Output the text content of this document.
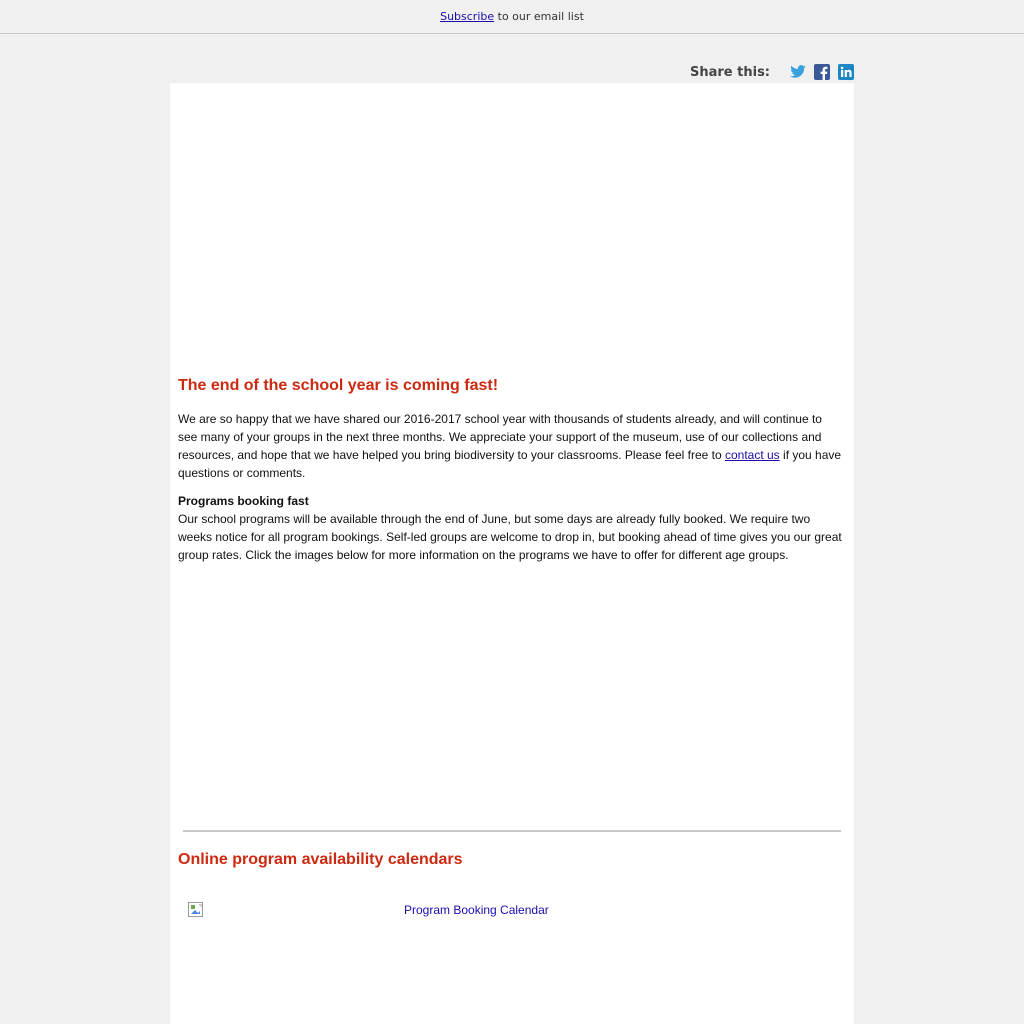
Subscribe to our email list
Share this:
The end of the school year is coming fast!

We are so happy that we have shared our 2016-2017 school year with thousands of students already, and will continue to see many of your groups in the next three months. We appreciate your support of the museum, use of our collections and resources, and hope that we have helped you bring biodiversity to your classrooms. Please feel free to contact us if you have questions or comments.

Programs booking fast
Our school programs will be available through the end of June, but some days are already fully booked. We require two weeks notice for all program bookings. Self-led groups are welcome to drop in, but booking ahead of time gives you our great group rates. Click the images below for more information on the programs we have to offer for different age groups.

Online program availability calendars
Program Booking Calendar
